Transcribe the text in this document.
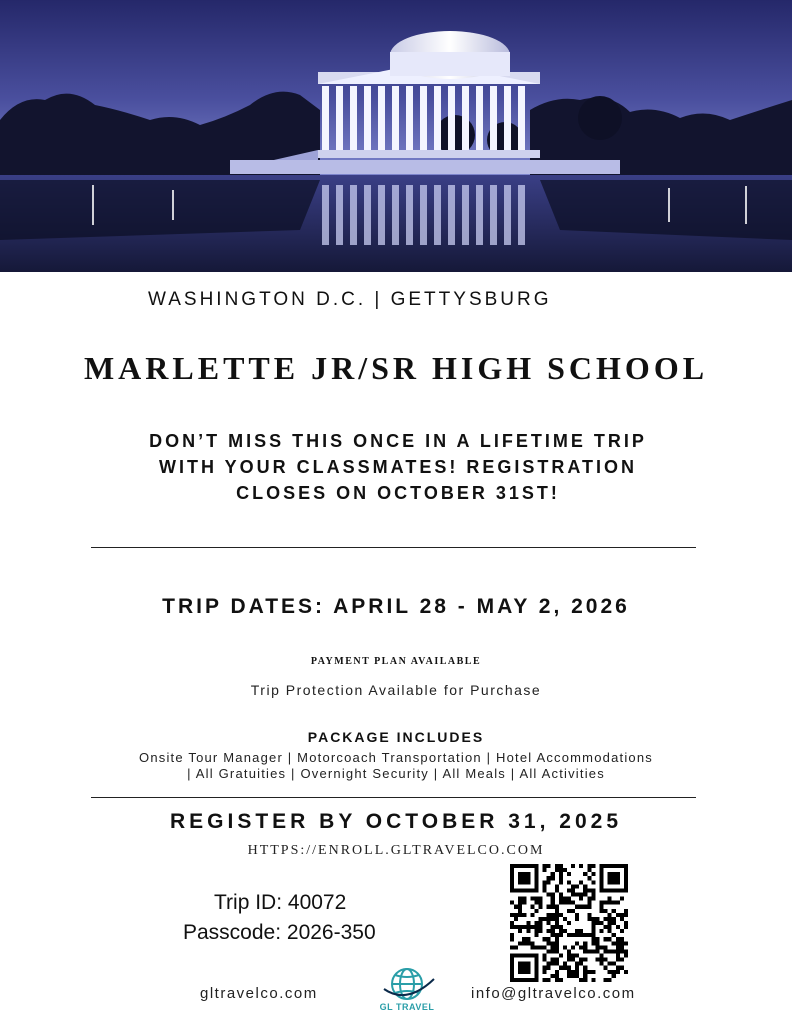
WASHINGTON D.C. | GETTYSBURG
MARLETTE JR/SR HIGH SCHOOL
DON’T MISS THIS ONCE IN A LIFETIME TRIP
WITH YOUR CLASSMATES! REGISTRATION
CLOSES ON OCTOBER 31ST!
TRIP DATES: APRIL 28 - MAY 2, 2026
PAYMENT PLAN AVAILABLE
Trip Protection Available for Purchase
PACKAGE INCLUDES
Onsite Tour Manager | Motorcoach Transportation | Hotel Accommodations
| All Gratuities | Overnight Security | All Meals | All Activities
REGISTER BY OCTOBER 31, 2025
HTTPS://ENROLL.GLTRAVELCO.COM
Trip ID: 40072
Passcode: 2026-350
gltravelco.com
GL TRAVEL
info@gltravelco.com
